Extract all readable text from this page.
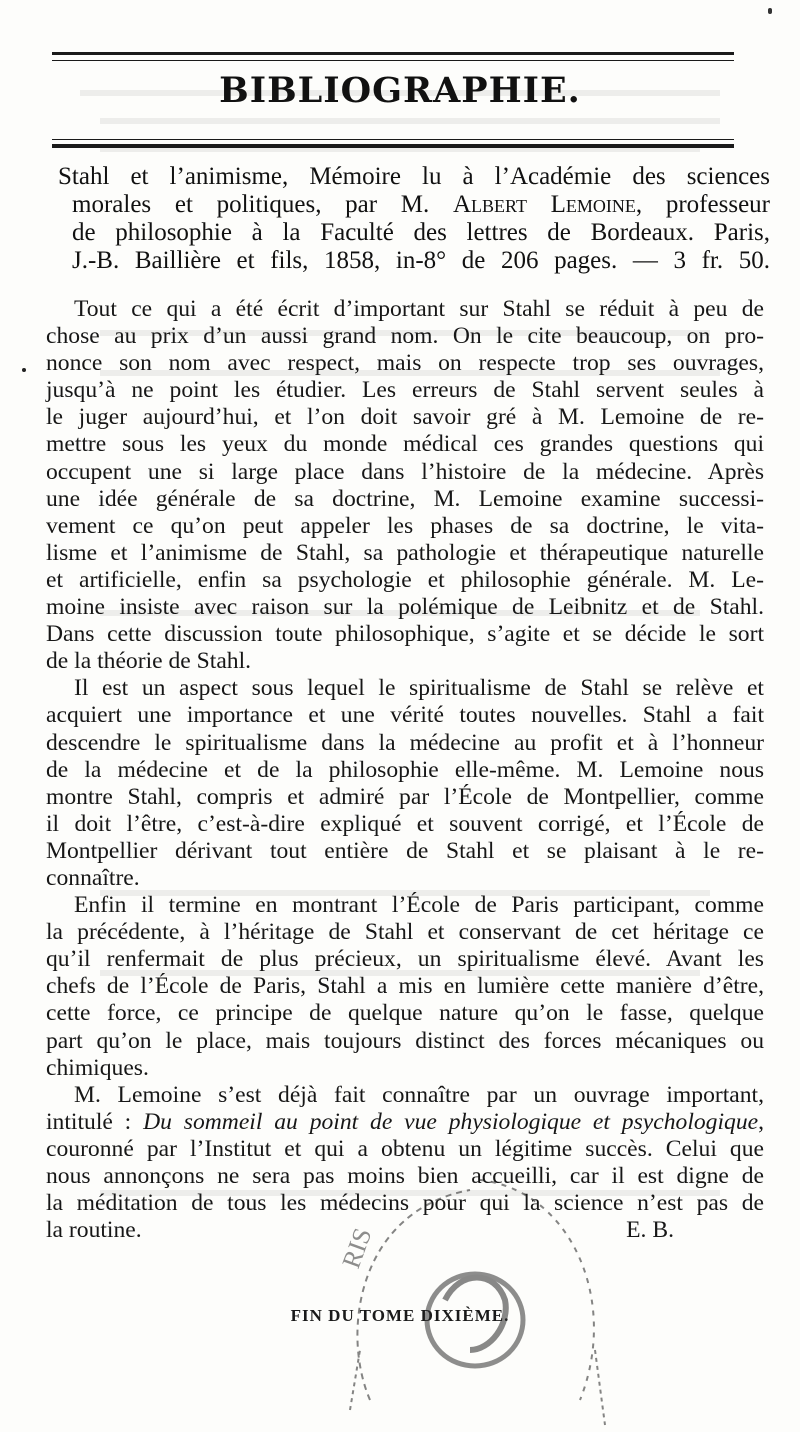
BIBLIOGRAPHIE.
Stahl et l’animisme, Mémoire lu à l’Académie des sciences
morales et politiques, par M. Albert Lemoine, professeur
de philosophie à la Faculté des lettres de Bordeaux. Paris,
J.-B. Baillière et fils, 1858, in-8° de 206 pages. — 3 fr. 50.

Tout ce qui a été écrit d’important sur Stahl se réduit à peu de
chose au prix d’un aussi grand nom. On le cite beaucoup, on pro-
nonce son nom avec respect, mais on respecte trop ses ouvrages,
jusqu’à ne point les étudier. Les erreurs de Stahl servent seules à
le juger aujourd’hui, et l’on doit savoir gré à M. Lemoine de re-
mettre sous les yeux du monde médical ces grandes questions qui
occupent une si large place dans l’histoire de la médecine. Après
une idée générale de sa doctrine, M. Lemoine examine successi-
vement ce qu’on peut appeler les phases de sa doctrine, le vita-
lisme et l’animisme de Stahl, sa pathologie et thérapeutique naturelle
et artificielle, enfin sa psychologie et philosophie générale. M. Le-
moine insiste avec raison sur la polémique de Leibnitz et de Stahl.
Dans cette discussion toute philosophique, s’agite et se décide le sort
de la théorie de Stahl.

Il est un aspect sous lequel le spiritualisme de Stahl se relève et
acquiert une importance et une vérité toutes nouvelles. Stahl a fait
descendre le spiritualisme dans la médecine au profit et à l’honneur
de la médecine et de la philosophie elle-même. M. Lemoine nous
montre Stahl, compris et admiré par l’École de Montpellier, comme
il doit l’être, c’est-à-dire expliqué et souvent corrigé, et l’École de
Montpellier dérivant tout entière de Stahl et se plaisant à le re-
connaître.

Enfin il termine en montrant l’École de Paris participant, comme
la précédente, à l’héritage de Stahl et conservant de cet héritage ce
qu’il renfermait de plus précieux, un spiritualisme élevé. Avant les
chefs de l’École de Paris, Stahl a mis en lumière cette manière d’être,
cette force, ce principe de quelque nature qu’on le fasse, quelque
part qu’on le place, mais toujours distinct des forces mécaniques ou
chimiques.

M. Lemoine s’est déjà fait connaître par un ouvrage important,
intitulé : Du sommeil au point de vue physiologique et psychologique,
couronné par l’Institut et qui a obtenu un légitime succès. Celui que
nous annonçons ne sera pas moins bien accueilli, car il est digne de
la méditation de tous les médecins pour qui la science n’est pas de
la routine.	E. B.

FIN DU TOME DIXIÈME.
RIS
